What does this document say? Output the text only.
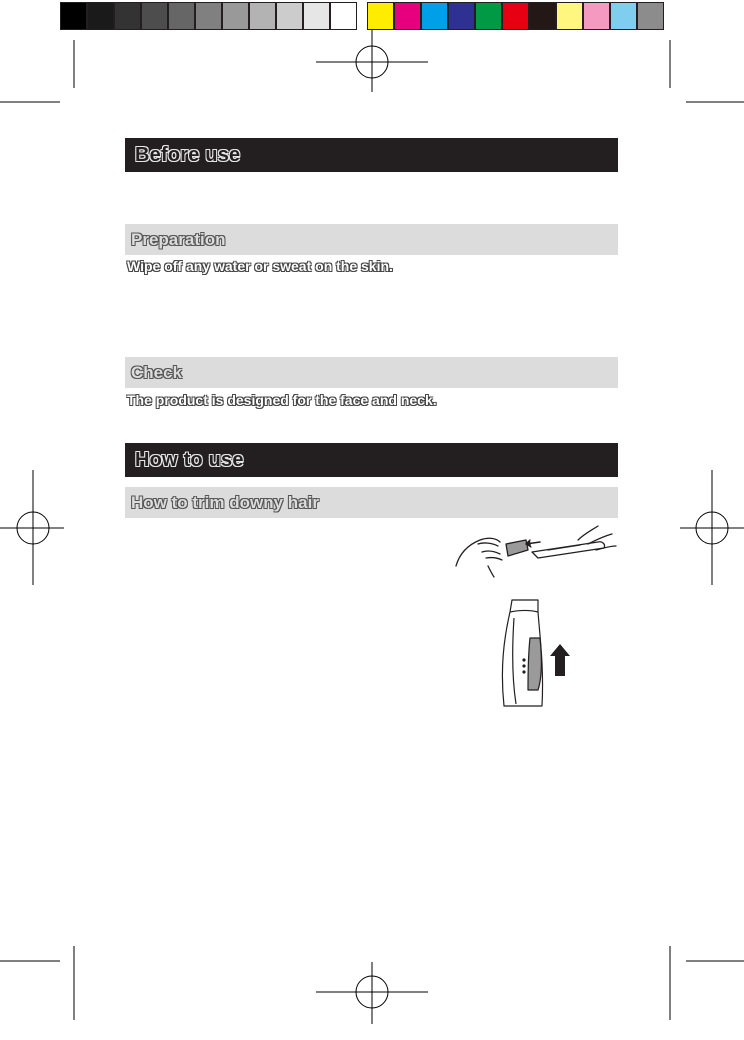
Before use
Preparation
Wipe off any water or sweat on the skin.
Check
The product is designed for the face and neck.
How to use
How to trim downy hair
